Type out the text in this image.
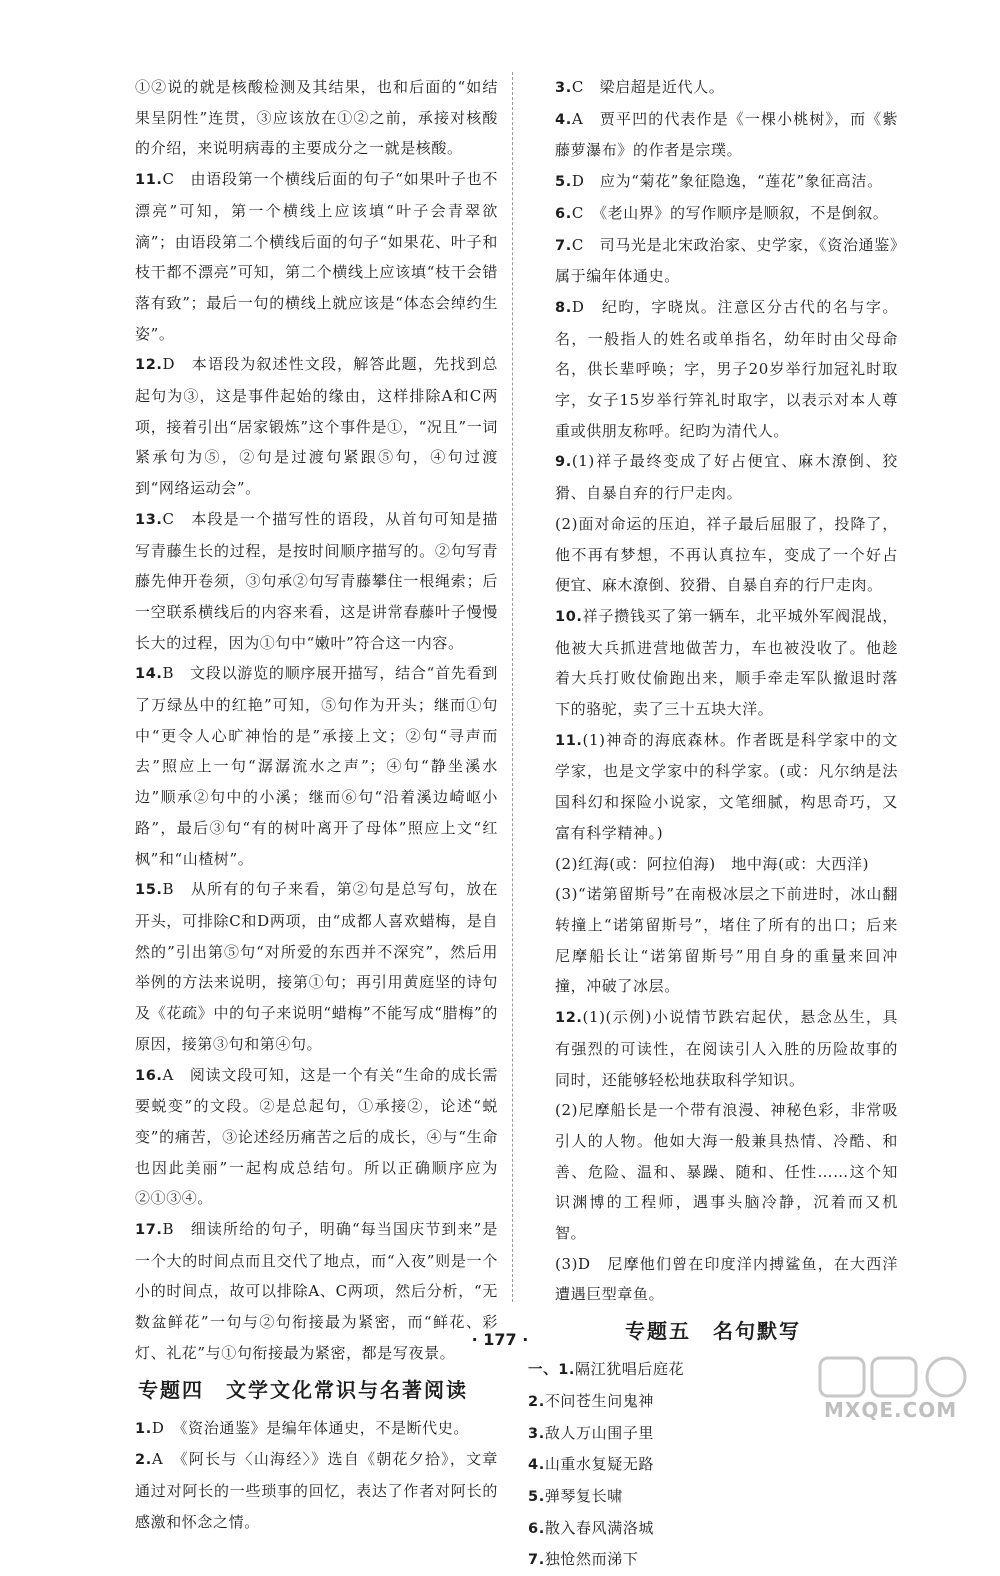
①②说的就是核酸检测及其结果，也和后面的“如结果呈阴性”连贯，③应该放在①②之前，承接对核酸的介绍，来说明病毒的主要成分之一就是核酸。

11.C　由语段第一个横线后面的句子“如果叶子也不漂亮”可知，第一个横线上应该填“叶子会青翠欲滴”；由语段第二个横线后面的句子“如果花、叶子和枝干都不漂亮”可知，第二个横线上应该填“枝干会错落有致”；最后一句的横线上就应该是“体态会绰约生姿”。

12.D　本语段为叙述性文段，解答此题，先找到总起句为③，这是事件起始的缘由，这样排除A和C两项，接着引出“居家锻炼”这个事件是①，“况且”一词紧承句为⑤，②句是过渡句紧跟⑤句，④句过渡到“网络运动会”。

13.C　本段是一个描写性的语段，从首句可知是描写青藤生长的过程，是按时间顺序描写的。②句写青藤先伸开卷须，③句承②句写青藤攀住一根绳索；后一空联系横线后的内容来看，这是讲常春藤叶子慢慢长大的过程，因为①句中“嫩叶”符合这一内容。

14.B　文段以游览的顺序展开描写，结合“首先看到了万绿丛中的红艳”可知，⑤句作为开头；继而①句中“更令人心旷神怡的是”承接上文；②句“寻声而去”照应上一句“潺潺流水之声”；④句“静坐溪水边”顺承②句中的小溪；继而⑥句“沿着溪边崎岖小路”，最后③句“有的树叶离开了母体”照应上文“红枫”和“山楂树”。

15.B　从所有的句子来看，第②句是总写句，放在开头，可排除C和D两项，由“成都人喜欢蜡梅，是自然的”引出第⑤句“对所爱的东西并不深究”，然后用举例的方法来说明，接第①句；再引用黄庭坚的诗句及《花疏》中的句子来说明“蜡梅”不能写成“腊梅”的原因，接第③句和第④句。

16.A　阅读文段可知，这是一个有关“生命的成长需要蜕变”的文段。②是总起句，①承接②，论述“蜕变”的痛苦，③论述经历痛苦之后的成长，④与“生命也因此美丽”一起构成总结句。所以正确顺序应为②①③④。

17.B　细读所给的句子，明确“每当国庆节到来”是一个大的时间点而且交代了地点，而“入夜”则是一个小的时间点，故可以排除A、C两项，然后分析，“无数盆鲜花”一句与②句衔接最为紧密，而“鲜花、彩灯、礼花”与①句衔接最为紧密，都是写夜景。

专题四　文学文化常识与名著阅读

1.D　《资治通鉴》是编年体通史，不是断代史。

2.A　《阿长与〈山海经〉》选自《朝花夕拾》，文章通过对阿长的一些琐事的回忆，表达了作者对阿长的感激和怀念之情。

3.C　梁启超是近代人。

4.A　贾平凹的代表作是《一棵小桃树》，而《紫藤萝瀑布》的作者是宗璞。

5.D　应为“菊花”象征隐逸，“莲花”象征高洁。

6.C　《老山界》的写作顺序是顺叙，不是倒叙。

7.C　司马光是北宋政治家、史学家，《资治通鉴》属于编年体通史。

8.D　纪昀，字晓岚。注意区分古代的名与字。名，一般指人的姓名或单指名，幼年时由父母命名，供长辈呼唤；字，男子20岁举行加冠礼时取字，女子15岁举行笄礼时取字，以表示对本人尊重或供朋友称呼。纪昀为清代人。

9.(1)祥子最终变成了好占便宜、麻木潦倒、狡猾、自暴自弃的行尸走肉。

(2)面对命运的压迫，祥子最后屈服了，投降了，他不再有梦想，不再认真拉车，变成了一个好占便宜、麻木潦倒、狡猾、自暴自弃的行尸走肉。

10.祥子攒钱买了第一辆车，北平城外军阀混战，他被大兵抓进营地做苦力，车也被没收了。他趁着大兵打败仗偷跑出来，顺手牵走军队撤退时落下的骆驼，卖了三十五块大洋。

11.(1)神奇的海底森林。作者既是科学家中的文学家，也是文学家中的科学家。(或：凡尔纳是法国科幻和探险小说家，文笔细腻，构思奇巧，又富有科学精神。)

(2)红海(或：阿拉伯海)　地中海(或：大西洋)

(3)“诺第留斯号”在南极冰层之下前进时，冰山翻转撞上“诺第留斯号”，堵住了所有的出口；后来尼摩船长让“诺第留斯号”用自身的重量来回冲撞，冲破了冰层。

12.(1)(示例)小说情节跌宕起伏，悬念丛生，具有强烈的可读性，在阅读引人入胜的历险故事的同时，还能够轻松地获取科学知识。

(2)尼摩船长是一个带有浪漫、神秘色彩，非常吸引人的人物。他如大海一般兼具热情、冷酷、和善、危险、温和、暴躁、随和、任性……这个知识渊博的工程师，遇事头脑冷静，沉着而又机智。

(3)D　尼摩他们曾在印度洋内搏鲨鱼，在大西洋遭遇巨型章鱼。

专题五　名句默写

一、1.隔江犹唱后庭花

2.不问苍生问鬼神

3.敌人万山围子里

4.山重水复疑无路

5.弹琴复长啸

6.散入春风满洛城

7.独怆然而涕下

· 177 ·
MXQE.COM
